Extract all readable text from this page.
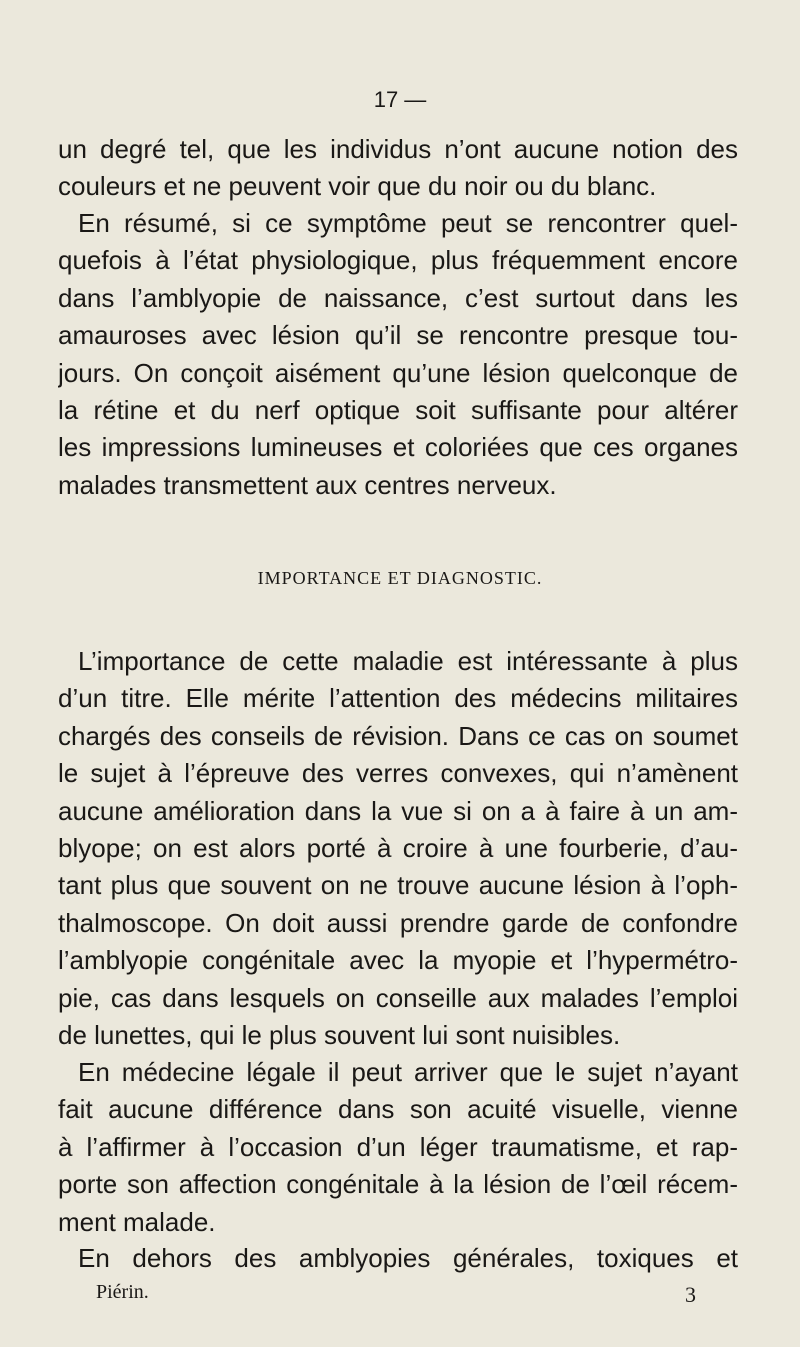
17 —
un degré tel, que les individus n’ont aucune notion des
couleurs et ne peuvent voir que du noir ou du blanc.
En résumé, si ce symptôme peut se rencontrer quel-
quefois à l’état physiologique, plus fréquemment encore
dans l’amblyopie de naissance, c’est surtout dans les
amauroses avec lésion qu’il se rencontre presque tou-
jours. On conçoit aisément qu’une lésion quelconque de
la rétine et du nerf optique soit suffisante pour altérer
les impressions lumineuses et coloriées que ces organes
malades transmettent aux centres nerveux.
IMPORTANCE ET DIAGNOSTIC.
L’importance de cette maladie est intéressante à plus
d’un titre. Elle mérite l’attention des médecins militaires
chargés des conseils de révision. Dans ce cas on soumet
le sujet à l’épreuve des verres convexes, qui n’amènent
aucune amélioration dans la vue si on a à faire à un am-
blyope; on est alors porté à croire à une fourberie, d’au-
tant plus que souvent on ne trouve aucune lésion à l’oph-
thalmoscope. On doit aussi prendre garde de confondre
l’amblyopie congénitale avec la myopie et l’hypermétro-
pie, cas dans lesquels on conseille aux malades l’emploi
de lunettes, qui le plus souvent lui sont nuisibles.
En médecine légale il peut arriver que le sujet n’ayant
fait aucune différence dans son acuité visuelle, vienne
à l’affirmer à l’occasion d’un léger traumatisme, et rap-
porte son affection congénitale à la lésion de l’œil récem-
ment malade.
En dehors des amblyopies générales, toxiques et
Piérin.	3
